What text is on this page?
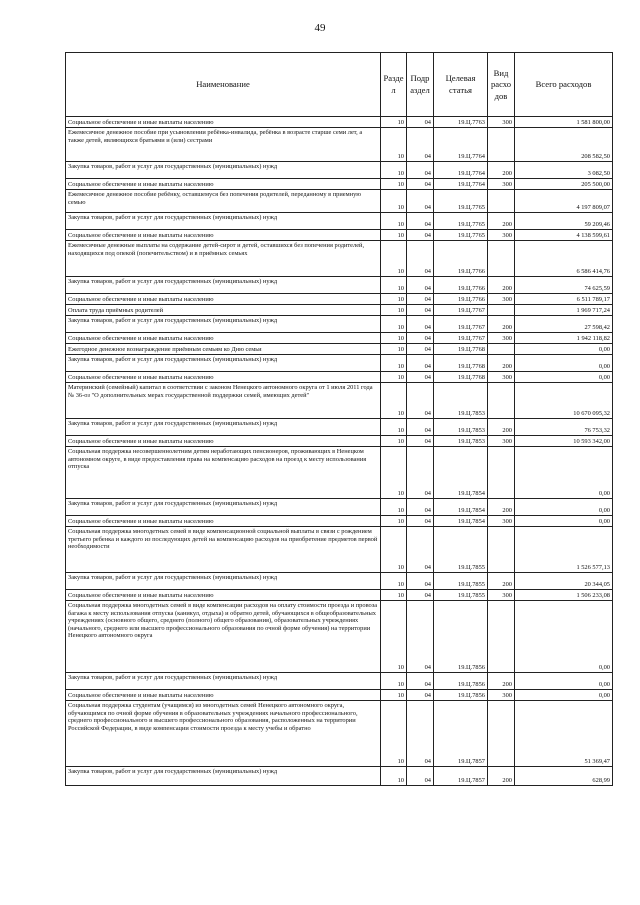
49
Наименование	Разде л	Подр аздел	Целевая статья	Вид расхо дов	Всего расходов
Социальное обеспечение и иные выплаты населению	10	04	19.Ц.7763	300	1 581 800,00
Ежемесячное денежное пособие при усыновлении ребёнка-инвалида, ребёнка в возрасте старше семи лет, а также детей, являющихся братьями и (или) сестрами	10	04	19.Ц.7764		208 582,50
Закупка товаров, работ и услуг для государственных (муниципальных) нужд	10	04	19.Ц.7764	200	3 082,50
Социальное обеспечение и иные выплаты населению	10	04	19.Ц.7764	300	205 500,00
Ежемесячное денежное пособие ребёнку, оставшемуся без попечения родителей, переданному в приемную семью	10	04	19.Ц.7765		4 197 809,07
Закупка товаров, работ и услуг для государственных (муниципальных) нужд	10	04	19.Ц.7765	200	59 209,46
Социальное обеспечение и иные выплаты населению	10	04	19.Ц.7765	300	4 138 599,61
Ежемесячные денежные выплаты на содержание детей-сирот и детей, оставшихся без попечения родителей, находящихся под опекой (попечительством) и в приёмных семьях	10	04	19.Ц.7766		6 586 414,76
Закупка товаров, работ и услуг для государственных (муниципальных) нужд	10	04	19.Ц.7766	200	74 625,59
Социальное обеспечение и иные выплаты населению	10	04	19.Ц.7766	300	6 511 789,17
Оплата труда приёмных родителей	10	04	19.Ц.7767		1 969 717,24
Закупка товаров, работ и услуг для государственных (муниципальных) нужд	10	04	19.Ц.7767	200	27 598,42
Социальное обеспечение и иные выплаты населению	10	04	19.Ц.7767	300	1 942 118,82
Ежегодное денежное вознаграждение приёмным семьям ко Дню семьи	10	04	19.Ц.7768		0,00
Закупка товаров, работ и услуг для государственных (муниципальных) нужд	10	04	19.Ц.7768	200	0,00
Социальное обеспечение и иные выплаты населению	10	04	19.Ц.7768	300	0,00
Материнский (семейный) капитал в соответствии с законом Ненецкого автономного округа от 1 июля 2011 года № 36-оз "О дополнительных мерах государственной поддержки семей, имеющих детей"	10	04	19.Ц.7853		10 670 095,32
Закупка товаров, работ и услуг для государственных (муниципальных) нужд	10	04	19.Ц.7853	200	76 753,32
Социальное обеспечение и иные выплаты населению	10	04	19.Ц.7853	300	10 593 342,00
Социальная поддержка несовершеннолетним детям неработающих пенсионеров, проживающих в Ненецком автономном округе, в виде предоставления права на компенсацию расходов на проезд к месту использования отпуска	10	04	19.Ц.7854		0,00
Закупка товаров, работ и услуг для государственных (муниципальных) нужд	10	04	19.Ц.7854	200	0,00
Социальное обеспечение и иные выплаты населению	10	04	19.Ц.7854	300	0,00
Социальная поддержка многодетных семей в виде компенсационной социальной выплаты в связи с рождением третьего ребенка и каждого из последующих детей на компенсацию расходов на приобретение предметов первой необходимости	10	04	19.Ц.7855		1 526 577,13
Закупка товаров, работ и услуг для государственных (муниципальных) нужд	10	04	19.Ц.7855	200	20 344,05
Социальное обеспечение и иные выплаты населению	10	04	19.Ц.7855	300	1 506 233,08
Социальная поддержка многодетных семей в виде компенсации расходов на оплату стоимости проезда и провоза багажа к месту использования отпуска (каникул, отдыха) и обратно детей, обучающихся в общеобразовательных учреждениях (основного общего, среднего (полного) общего образования), образовательных учреждениях (начального, среднего или высшего профессионального образования по очной форме обучения) на территории Ненецкого автономного округа	10	04	19.Ц.7856		0,00
Закупка товаров, работ и услуг для государственных (муниципальных) нужд	10	04	19.Ц.7856	200	0,00
Социальное обеспечение и иные выплаты населению	10	04	19.Ц.7856	300	0,00
Социальная поддержка студентам (учащимся) из многодетных семей Ненецкого автономного округа, обучающимся по очной форме обучения в образовательных учреждениях начального профессионального, среднего профессионального и высшего профессионального образования, расположенных на территории Российской Федерации, в виде компенсации стоимости проезда к месту учебы и обратно	10	04	19.Ц.7857		51 369,47
Закупка товаров, работ и услуг для государственных (муниципальных) нужд	10	04	19.Ц.7857	200	628,99
